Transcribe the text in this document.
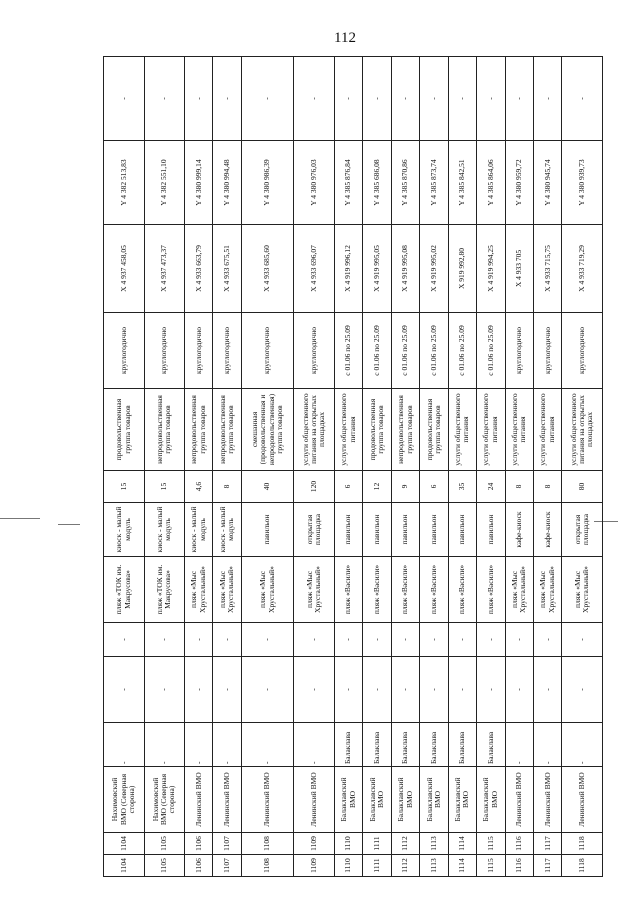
112
1104	1104	Нахимовский ВМО (Северная сторона)	-	-	-	пляж «ТОК им. Макрусова»	киоск - малый модуль	15	продовольственная группа товаров	круглогодично	X 4 937 458,05	Y 4 382 513,83	-
1105	1105	Нахимовский ВМО (Северная сторона)	-	-	-	пляж «ТОК им. Макрусова»	киоск - малый модуль	15	непродовольственная группа товаров	круглогодично	X 4 937 473,37	Y 4 382 551,10	-
1106	1106	Ленинский ВМО	-	-	-	пляж «Мыс Хрустальный»	киоск - малый модуль	4,6	непродовольственная группа товаров	круглогодично	X 4 933 663,79	Y 4 380 999,14	-
1107	1107	Ленинский ВМО	-	-	-	пляж «Мыс Хрустальный»	киоск - малый модуль	8	непродовольственная группа товаров	круглогодично	X 4 933 675,51	Y 4 380 994,48	-
1108	1108	Ленинский ВМО	-	-	-	пляж «Мыс Хрустальный»	павильон	40	смешанная (продовольственная и непродовольственная) группа товаров	круглогодично	X 4 933 685,60	Y 4 380 986,39	-
1109	1109	Ленинский ВМО	-	-	-	пляж «Мыс Хрустальный»	открытая площадка	120	услуги общественного питания на открытых площадках	круглогодично	X 4 933 696,07	Y 4 380 976,03	-
1110	1110	Балаклавский ВМО	Балаклава	-	-	пляж «Васили»	павильон	6	услуги общественного питания	с 01.06 по 25.09	X 4 919 996,12	Y 4 385 876,84	-
1111	1111	Балаклавский ВМО	Балаклава	-	-	пляж «Васили»	павильон	12	продовольственная группа товаров	с 01.06 по 25.09	X 4 919 995,05	Y 4 385 686,08	-
1112	1112	Балаклавский ВМО	Балаклава	-	-	пляж «Васили»	павильон	9	непродовольственная группа товаров	с 01.06 по 25.09	X 4 919 995,08	Y 4 385 870,86	-
1113	1113	Балаклавский ВМО	Балаклава	-	-	пляж «Васили»	павильон	6	продовольственная группа товаров	с 01.06 по 25.09	X 4 919 995,02	Y 4 385 873,74	-
1114	1114	Балаклавский ВМО	Балаклава	-	-	пляж «Васили»	павильон	35	услуги общественного питания	с 01.06 по 25.09	X 919 992,80	Y 4 385 842,51	-
1115	1115	Балаклавский ВМО	Балаклава	-	-	пляж «Васили»	павильон	24	услуги общественного питания	с 01.06 по 25.09	X 4 919 994,25	Y 4 385 864,06	-
1116	1116	Ленинский ВМО	-	-	-	пляж «Мыс Хрустальный»	кафе-киоск	8	услуги общественного питания	круглогодично	X 4 933 705	Y 4 380 959,72	-
1117	1117	Ленинский ВМО	-	-	-	пляж «Мыс Хрустальный»	кафе-киоск	8	услуги общественного питания	круглогодично	X 4 933 715,75	Y 4 380 945,74	-
1118	1118	Ленинский ВМО	-	-	-	пляж «Мыс Хрустальный»	открытая площадка	80	услуги общественного питания на открытых площадках	круглогодично	X 4 933 719,29	Y 4 380 939,73	-
